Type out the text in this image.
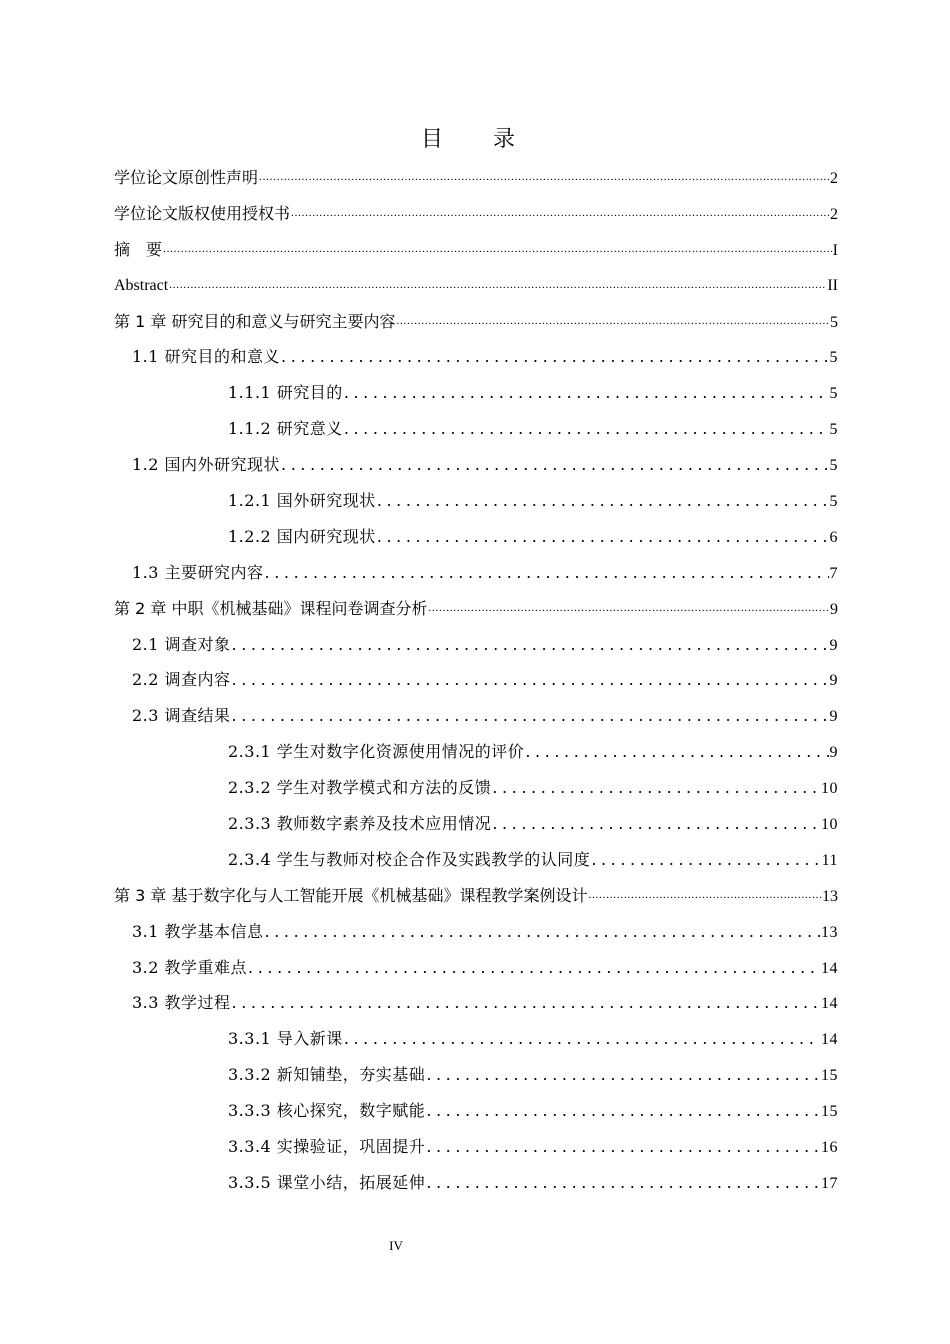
目　录
学位论文原创性声明 .....	2
学位论文版权使用授权书 .....	2
摘　要 .....	I
Abstract .....	II
第 1 章 研究目的和意义与研究主要内容 .....	5
1.1 研究目的和意义 .....	5
1.1.1 研究目的 .....	5
1.1.2 研究意义 .....	5
1.2 国内外研究现状 .....	5
1.2.1 国外研究现状 .....	5
1.2.2 国内研究现状 .....	6
1.3 主要研究内容 .....	7
第 2 章 中职《机械基础》课程问卷调查分析 .....	9
2.1 调查对象 .....	9
2.2 调查内容 .....	9
2.3 调查结果 .....	9
2.3.1 学生对数字化资源使用情况的评价 .....	9
2.3.2 学生对教学模式和方法的反馈 .....	10
2.3.3 教师数字素养及技术应用情况 .....	10
2.3.4 学生与教师对校企合作及实践教学的认同度 .....	11
第 3 章 基于数字化与人工智能开展《机械基础》课程教学案例设计 .....	13
3.1 教学基本信息 .....	13
3.2 教学重难点 .....	14
3.3 教学过程 .....	14
3.3.1 导入新课 .....	14
3.3.2 新知铺垫，夯实基础 .....	15
3.3.3 核心探究，数字赋能 .....	15
3.3.4 实操验证，巩固提升 .....	16
3.3.5 课堂小结，拓展延伸 .....	17
IV
